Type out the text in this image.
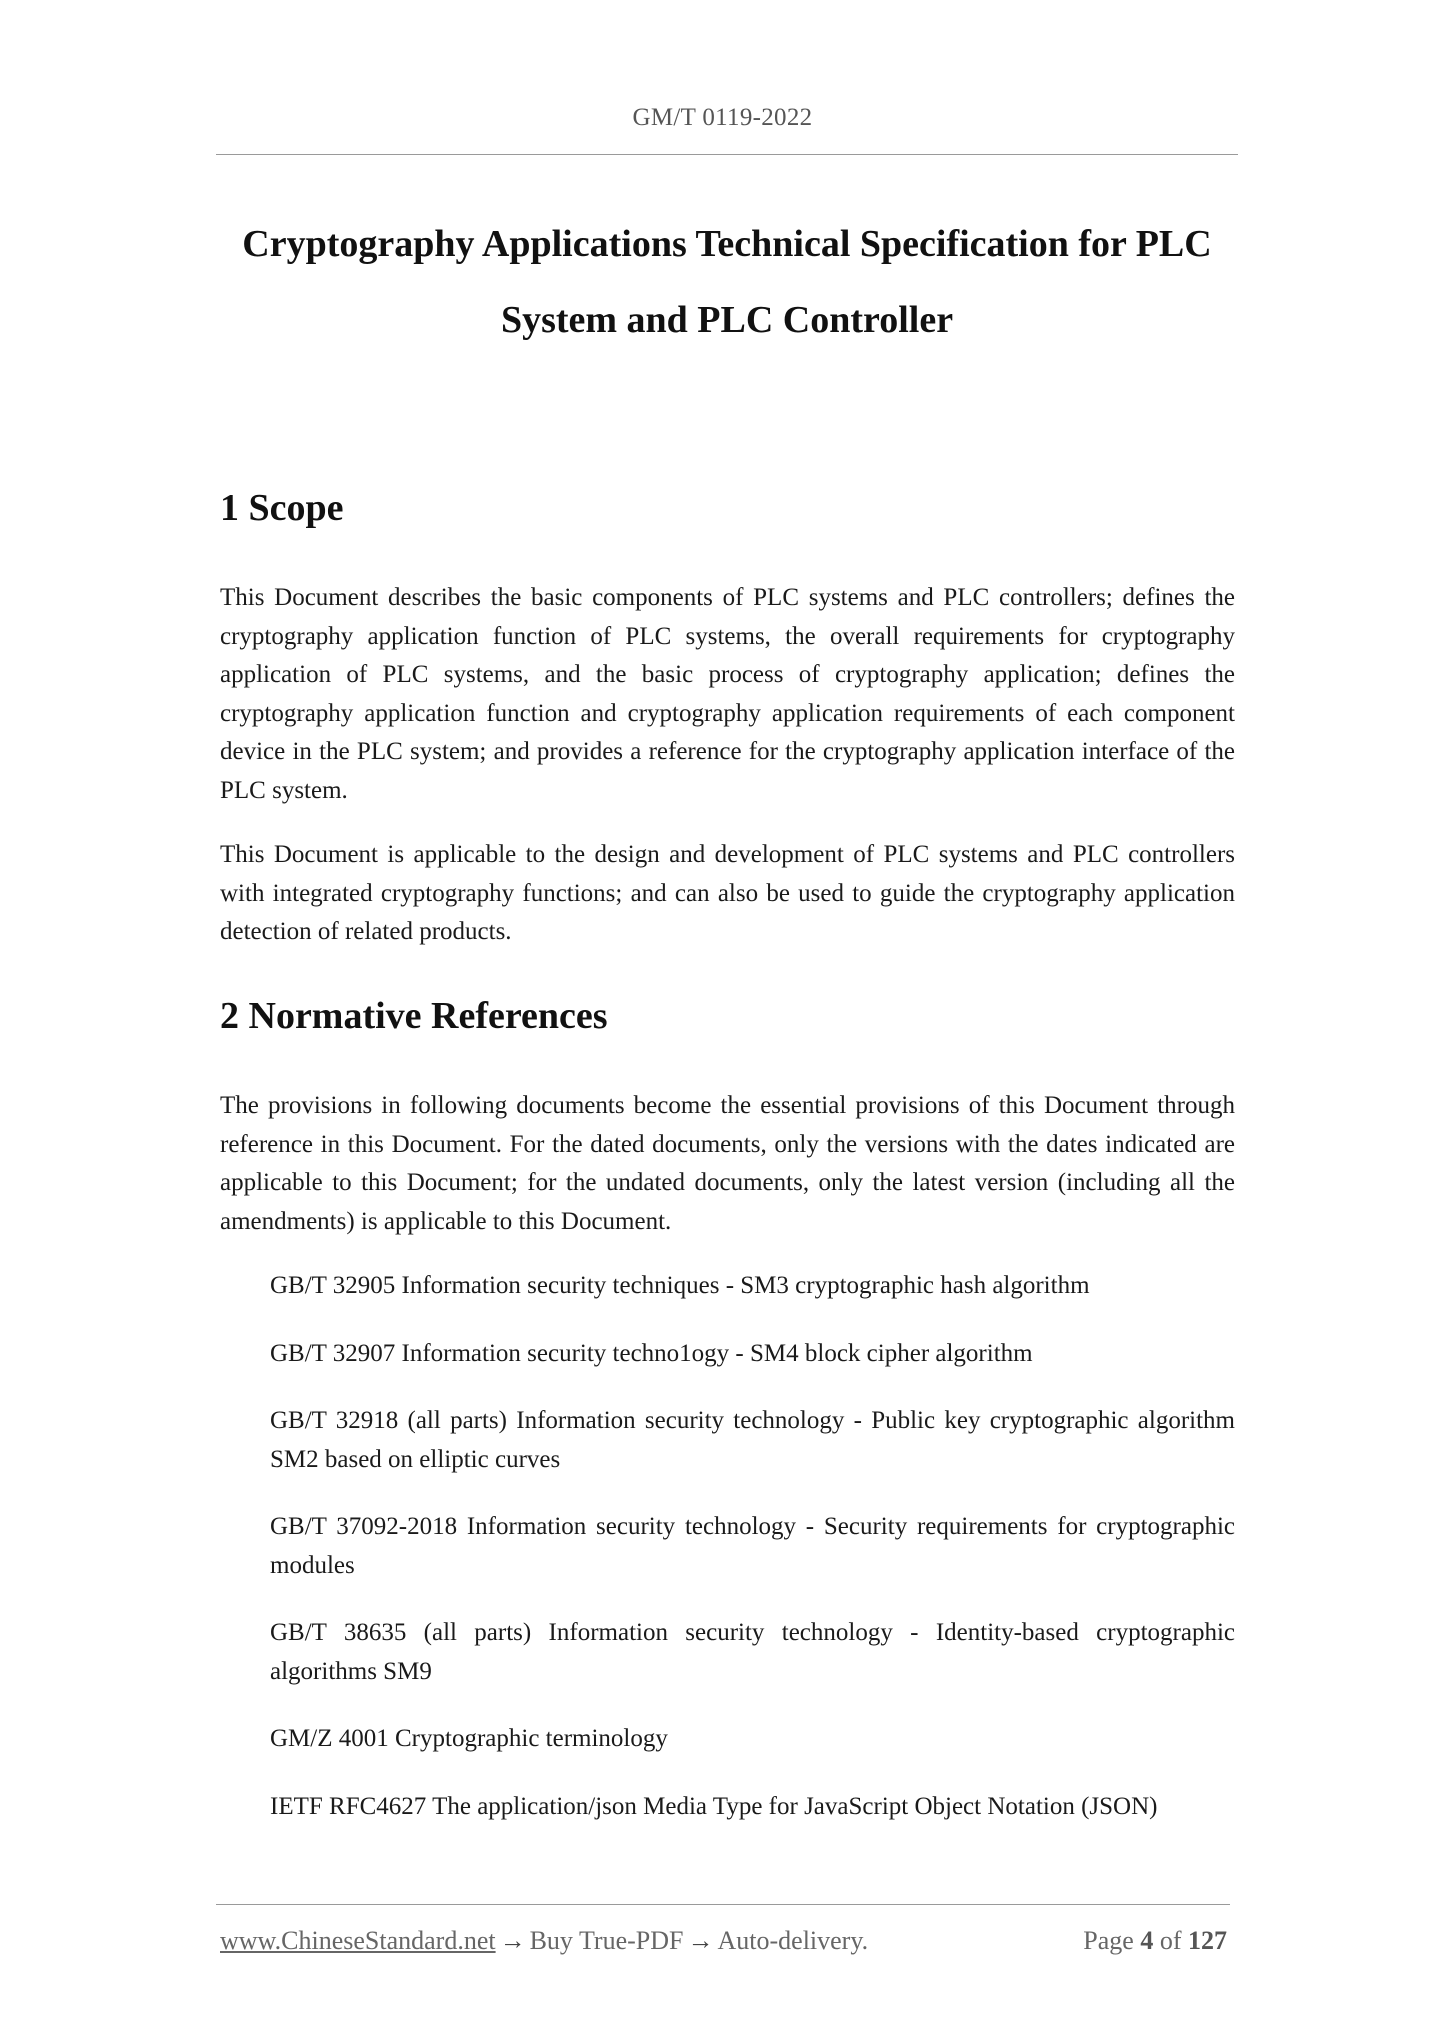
GM/T 0119-2022
Cryptography Applications Technical Specification for PLC System and PLC Controller
1 Scope

This Document describes the basic components of PLC systems and PLC controllers; defines the cryptography application function of PLC systems, the overall requirements for cryptography application of PLC systems, and the basic process of cryptography application; defines the cryptography application function and cryptography application requirements of each component device in the PLC system; and provides a reference for the cryptography application interface of the PLC system.

This Document is applicable to the design and development of PLC systems and PLC controllers with integrated cryptography functions; and can also be used to guide the cryptography application detection of related products.

2 Normative References

The provisions in following documents become the essential provisions of this Document through reference in this Document. For the dated documents, only the versions with the dates indicated are applicable to this Document; for the undated documents, only the latest version (including all the amendments) is applicable to this Document.

GB/T 32905 Information security techniques - SM3 cryptographic hash algorithm
GB/T 32907 Information security techno1ogy - SM4 block cipher algorithm
GB/T 32918 (all parts) Information security technology - Public key cryptographic algorithm SM2 based on elliptic curves
GB/T 37092-2018 Information security technology - Security requirements for cryptographic modules
GB/T 38635 (all parts) Information security technology - Identity-based cryptographic algorithms SM9
GM/Z 4001 Cryptographic terminology
IETF RFC4627 The application/json Media Type for JavaScript Object Notation (JSON)
www.ChineseStandard.net → Buy True-PDF → Auto-delivery.	Page 4 of 127
